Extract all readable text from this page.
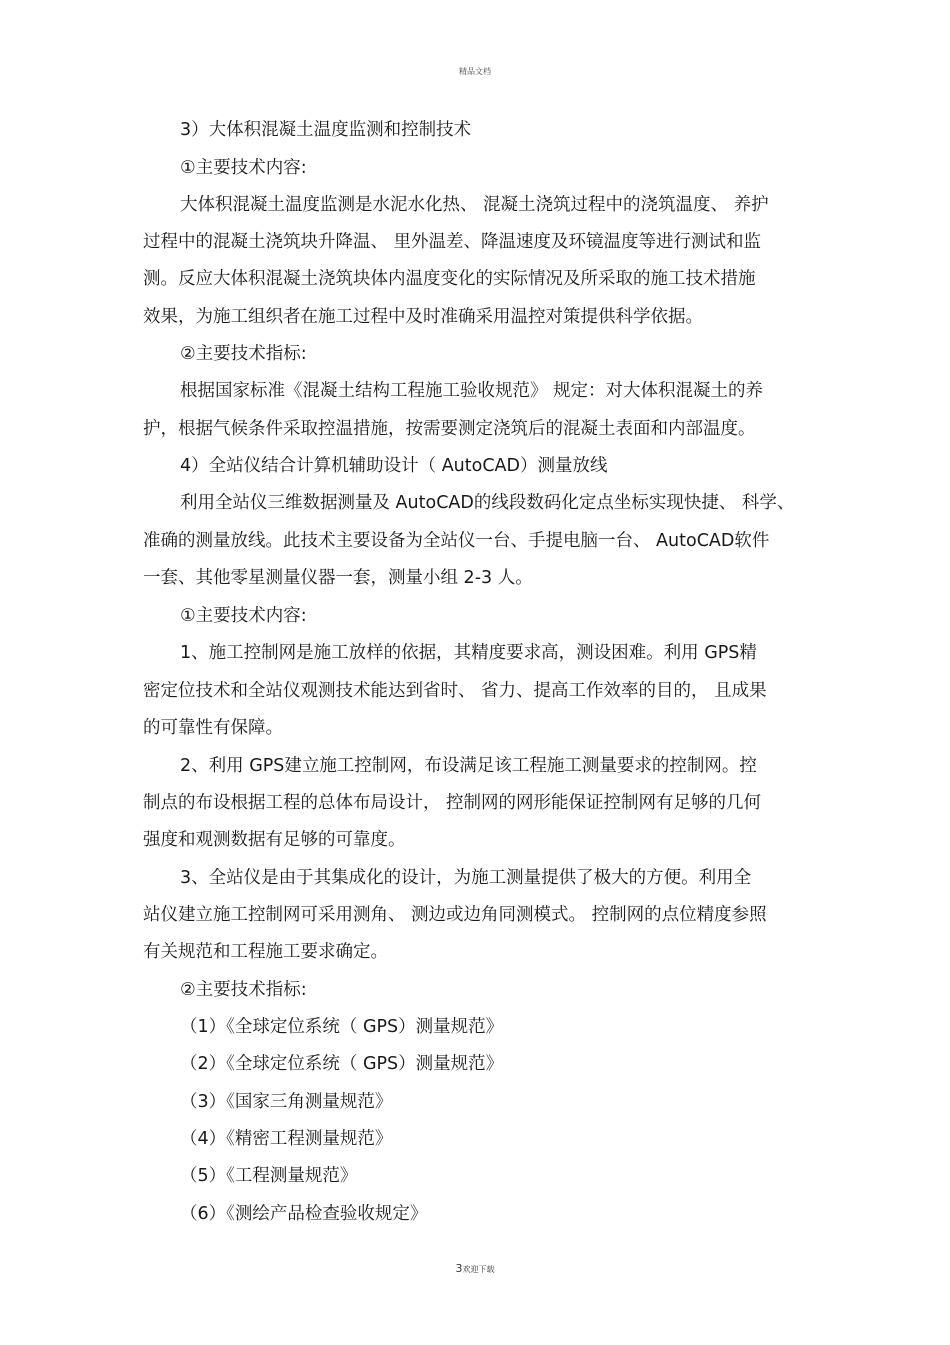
精品文档
3）大体积混凝土温度监测和控制技术
①主要技术内容:
大体积混凝土温度监测是水泥水化热、 混凝土浇筑过程中的浇筑温度、 养护
过程中的混凝土浇筑块升降温、 里外温差、降温速度及环镜温度等进行测试和监
测。反应大体积混凝土浇筑块体内温度变化的实际情况及所采取的施工技术措施
效果，为施工组织者在施工过程中及时准确采用温控对策提供科学依据。
②主要技术指标:
根据国家标准《混凝土结构工程施工验收规范》 规定：对大体积混凝土的养
护，根据气候条件采取控温措施，按需要测定浇筑后的混凝土表面和内部温度。
4）全站仪结合计算机辅助设计（ AutoCAD）测量放线
利用全站仪三维数据测量及 AutoCAD的线段数码化定点坐标实现快捷、 科学、
准确的测量放线。此技术主要设备为全站仪一台、手提电脑一台、 AutoCAD软件
一套、其他零星测量仪器一套，测量小组 2-3 人。
①主要技术内容:
1、施工控制网是施工放样的依据，其精度要求高，测设困难。利用 GPS精
密定位技术和全站仪观测技术能达到省时、 省力、提高工作效率的目的， 且成果
的可靠性有保障。
2、利用 GPS建立施工控制网，布设满足该工程施工测量要求的控制网。控
制点的布设根据工程的总体布局设计， 控制网的网形能保证控制网有足够的几何
强度和观测数据有足够的可靠度。
3、全站仪是由于其集成化的设计，为施工测量提供了极大的方便。利用全
站仪建立施工控制网可采用测角、 测边或边角同测模式。 控制网的点位精度参照
有关规范和工程施工要求确定。
②主要技术指标:
（1）《全球定位系统（ GPS）测量规范》
（2）《全球定位系统（ GPS）测量规范》
（3）《国家三角测量规范》
（4）《精密工程测量规范》
（5）《工程测量规范》
（6）《测绘产品检查验收规定》
3欢迎下载
